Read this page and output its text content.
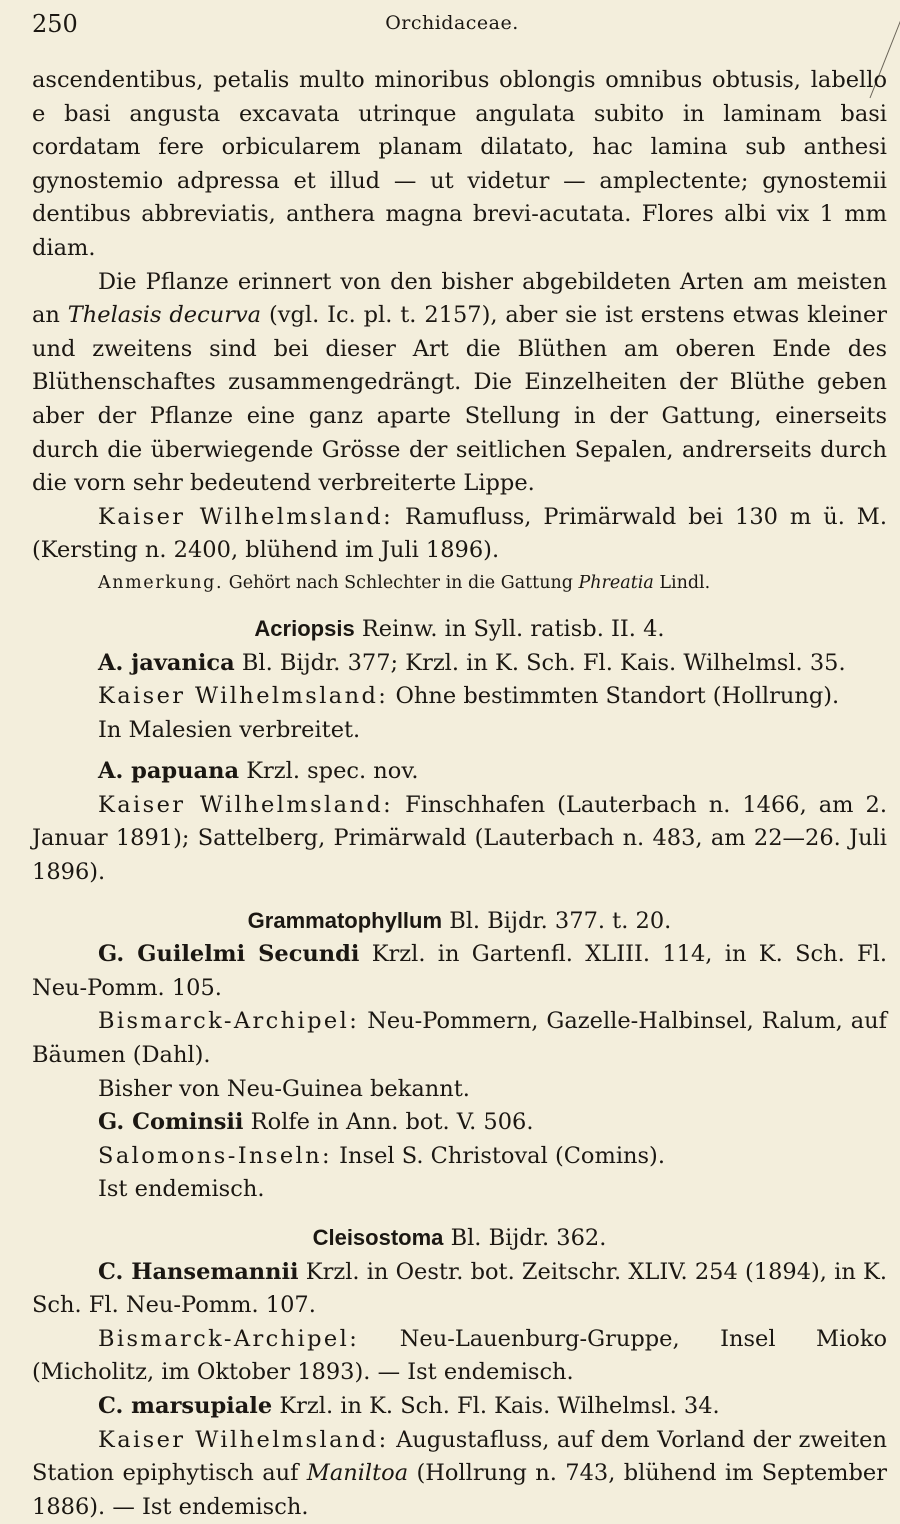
250	Orchidaceae.

ascendentibus, petalis multo minoribus oblongis omnibus obtusis, labello e basi angusta excavata utrinque angulata subito in laminam basi cordatam fere orbicularem planam dilatato, hac lamina sub anthesi gynostemio adpressa et illud — ut videtur — amplectente; gynostemii dentibus abbreviatis, anthera magna brevi-acutata. Flores albi vix 1 mm diam.

Die Pflanze erinnert von den bisher abgebildeten Arten am meisten an Thelasis decurva (vgl. Ic. pl. t. 2157), aber sie ist erstens etwas kleiner und zweitens sind bei dieser Art die Blüthen am oberen Ende des Blüthenschaftes zusammengedrängt. Die Einzelheiten der Blüthe geben aber der Pflanze eine ganz aparte Stellung in der Gattung, einerseits durch die überwiegende Grösse der seitlichen Sepalen, andrerseits durch die vorn sehr bedeutend verbreiterte Lippe.

Kaiser Wilhelmsland: Ramufluss, Primärwald bei 130 m ü. M. (Kersting n. 2400, blühend im Juli 1896).

Anmerkung. Gehört nach Schlechter in die Gattung Phreatia Lindl.

Acriopsis Reinw. in Syll. ratisb. II. 4.

A. javanica Bl. Bijdr. 377; Krzl. in K. Sch. Fl. Kais. Wilhelmsl. 35.

Kaiser Wilhelmsland: Ohne bestimmten Standort (Hollrung).

In Malesien verbreitet.

A. papuana Krzl. spec. nov.

Kaiser Wilhelmsland: Finschhafen (Lauterbach n. 1466, am 2. Januar 1891); Sattelberg, Primärwald (Lauterbach n. 483, am 22—26. Juli 1896).

Grammatophyllum Bl. Bijdr. 377. t. 20.

G. Guilelmi Secundi Krzl. in Gartenfl. XLIII. 114, in K. Sch. Fl. Neu-Pomm. 105.

Bismarck-Archipel: Neu-Pommern, Gazelle-Halbinsel, Ralum, auf Bäumen (Dahl).

Bisher von Neu-Guinea bekannt.

G. Cominsii Rolfe in Ann. bot. V. 506.

Salomons-Inseln: Insel S. Christoval (Comins).

Ist endemisch.

Cleisostoma Bl. Bijdr. 362.

C. Hansemannii Krzl. in Oestr. bot. Zeitschr. XLIV. 254 (1894), in K. Sch. Fl. Neu-Pomm. 107.

Bismarck-Archipel: Neu-Lauenburg-Gruppe, Insel Mioko (Micholitz, im Oktober 1893). — Ist endemisch.

C. marsupiale Krzl. in K. Sch. Fl. Kais. Wilhelmsl. 34.

Kaiser Wilhelmsland: Augustafluss, auf dem Vorland der zweiten Station epiphytisch auf Maniltoa (Hollrung n. 743, blühend im September 1886). — Ist endemisch.
